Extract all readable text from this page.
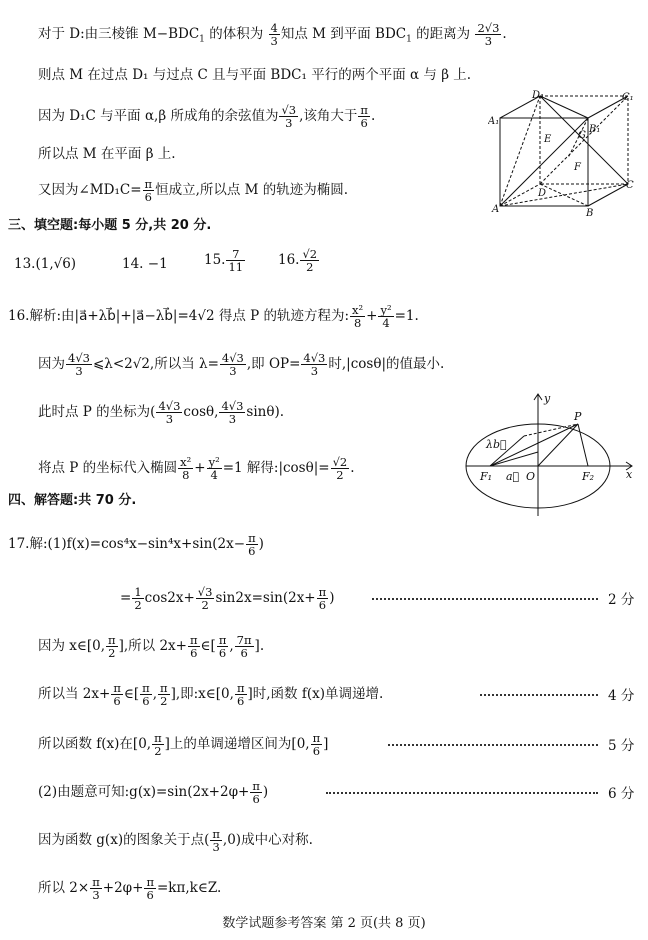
对于 D:由三棱锥 $M-BDC_1$ 的体积为 $\frac{4}{3}$ 知点 M 到平面 $BDC_1$ 的距离为 $\frac{2√3}{3}$ .
则点 M 在过点 D₁ 与过点 C 且与平面 BDC₁ 平行的两个平面 α 与 β 上.
因为 D₁C 与平面 α,β 所成角的余弦值为 $\frac{√3}{3}$ ,该角大于 $\frac{\pi}{6}$ .
所以点 M 在平面 β 上.
又因为∠MD₁C= $\frac{\pi}{6}$ 恒成立,所以点 M 的轨迹为椭圆.
D₁	C₁
A₁
B₁
E	G
F
D
A	B
C
三、填空题:每小题 5 分,共 20 分.
13.(1,√6)	14. −1	15. $\frac{7}{11} 16$. $\frac{√2}{2}$
16.解析:由|a⃗+λb⃗|+|a⃗−λb⃗|=4√2 得点 P 的轨迹方程为: $\frac{\text{x²}}{8} + \frac{\text{y²}}{4} =1$.
因为 $\frac{4√3}{3}$ ⩽λ<2√2,所以当 $\lambda= \frac{4√3}{3}$ ,即 $OP= \frac{4√3}{3}$ 时,|cosθ|的值最小.
此时点 P 的坐标为( $\frac{4√3}{3} \cos\theta$, $\frac{4√3}{3} \sin\theta$).
将点 P 的坐标代入椭圆 $\frac{\text{x²}}{8} + \frac{\text{y²}}{4} =1$ 解得:|cosθ|= $\frac{√2}{2}$ .
y
x
P
O
F₁	F₂
λb⃗
a⃗
四、解答题:共 70 分.
17.解:(1)f(x)=cos⁴x−sin⁴x+sin(2x− $\frac{\pi}{6}$ )
= $\frac{1}{2} \cos 2x+ \frac{√3}{2} \sin 2x=\sin(2x+ \frac{\pi}{6}$ )	2 分
因为 x∈[0, $\frac{\pi}{2}$ ],所以 $2x+ \frac{\pi}{6}$ ∈[ $\frac{\pi}{6}$ , $\frac{7\pi}{6}$ ].
所以当 $2x+ \frac{\pi}{6}$ ∈[ $\frac{\pi}{6}$ , $\frac{\pi}{2}$ ],即:x∈[0, $\frac{\pi}{6}$ ]时,函数 f(x)单调递增.	4 分
所以函数 f(x)在[0, $\frac{\pi}{2}$ ]上的单调递增区间为[0, $\frac{\pi}{6}$ ]	5 分
(2)由题意可知:g(x)=sin(2x+2φ+ $\frac{\pi}{6}$ )	6 分
因为函数 g(x)的图象关于点( $\frac{\pi}{3} ,0$)成中心对称.
所以 $2\times \frac{\pi}{3} +2\varphi+ \frac{\pi}{6}$ =kπ,k∈Z.
数学试题参考答案 第 2 页(共 8 页)
